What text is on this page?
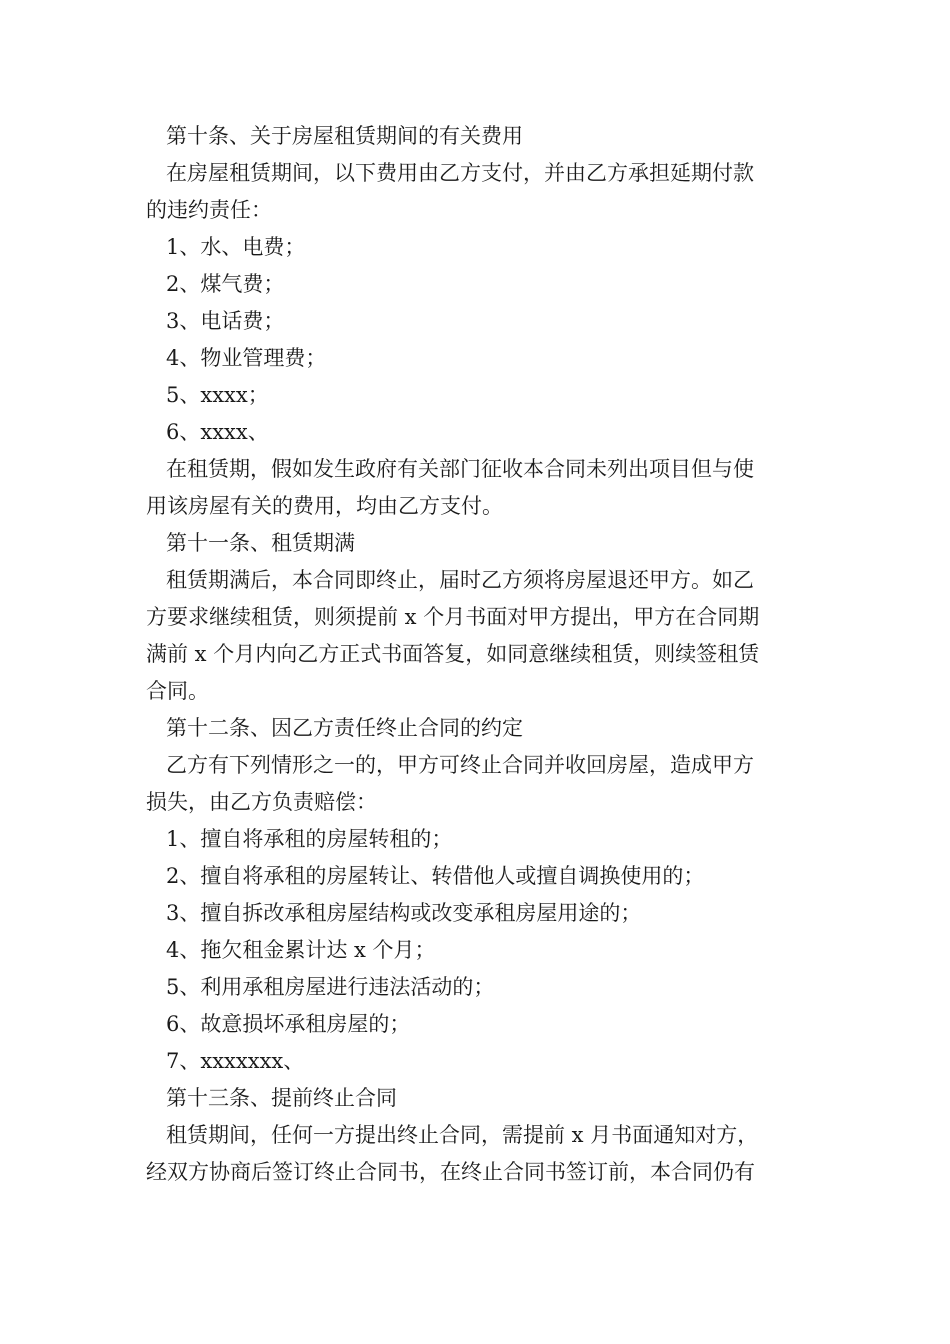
第十条、关于房屋租赁期间的有关费用
在房屋租赁期间，以下费用由乙方支付，并由乙方承担延期付款
的违约责任：
1、水、电费；
2、煤气费；
3、电话费；
4、物业管理费；
5、xxxx；
6、xxxx、
在租赁期，假如发生政府有关部门征收本合同未列出项目但与使
用该房屋有关的费用，均由乙方支付。
第十一条、租赁期满
租赁期满后，本合同即终止，届时乙方须将房屋退还甲方。如乙
方要求继续租赁，则须提前 x 个月书面对甲方提出，甲方在合同期
满前 x 个月内向乙方正式书面答复，如同意继续租赁，则续签租赁
合同。
第十二条、因乙方责任终止合同的约定
乙方有下列情形之一的，甲方可终止合同并收回房屋，造成甲方
损失，由乙方负责赔偿：
1、擅自将承租的房屋转租的；
2、擅自将承租的房屋转让、转借他人或擅自调换使用的；
3、擅自拆改承租房屋结构或改变承租房屋用途的；
4、拖欠租金累计达 x 个月；
5、利用承租房屋进行违法活动的；
6、故意损坏承租房屋的；
7、xxxxxxx、
第十三条、提前终止合同
租赁期间，任何一方提出终止合同，需提前 x 月书面通知对方，
经双方协商后签订终止合同书，在终止合同书签订前，本合同仍有
